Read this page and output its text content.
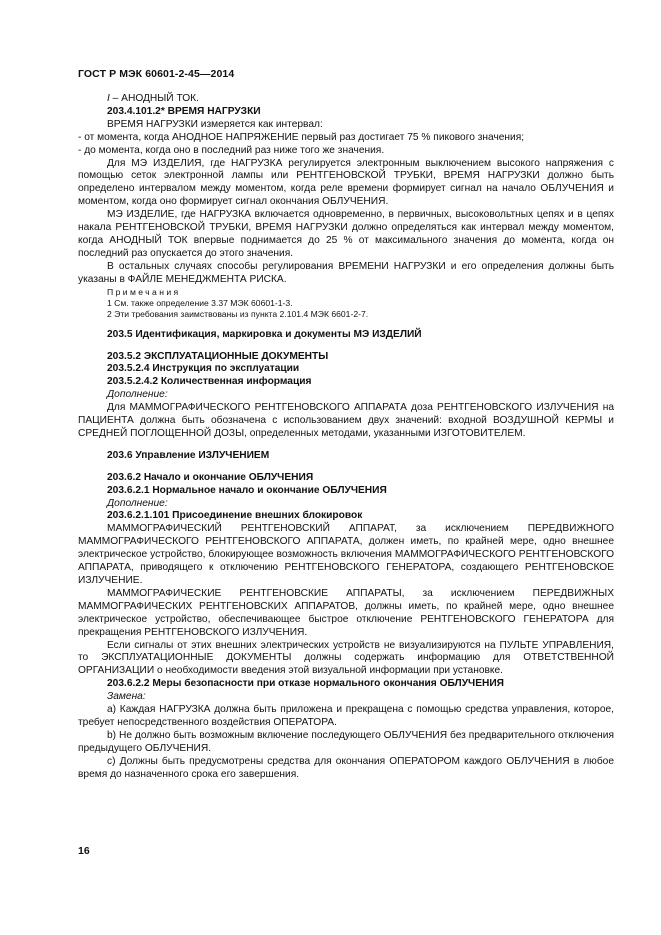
ГОСТ Р МЭК 60601-2-45—2014

I – АНОДНЫЙ ТОК.

203.4.101.2* ВРЕМЯ НАГРУЗКИ

ВРЕМЯ НАГРУЗКИ измеряется как интервал:

- от момента, когда АНОДНОЕ НАПРЯЖЕНИЕ первый раз достигает 75 % пикового значения;

- до момента, когда оно в последний раз ниже того же значения.

Для МЭ ИЗДЕЛИЯ, где НАГРУЗКА регулируется электронным выключением высокого напряжения с помощью сеток электронной лампы или РЕНТГЕНОВСКОЙ ТРУБКИ, ВРЕМЯ НАГРУЗКИ должно быть определено интервалом между моментом, когда реле времени формирует сигнал на начало ОБЛУЧЕНИЯ и моментом, когда оно формирует сигнал окончания ОБЛУЧЕНИЯ.

МЭ ИЗДЕЛИЕ, где НАГРУЗКА включается одновременно, в первичных, высоковольтных цепях и в цепях накала РЕНТГЕНОВСКОЙ ТРУБКИ, ВРЕМЯ НАГРУЗКИ должно определяться как интервал между моментом, когда АНОДНЫЙ ТОК впервые поднимается до 25 % от максимального значения до момента, когда он последний раз опускается до этого значения.

В остальных случаях способы регулирования ВРЕМЕНИ НАГРУЗКИ и его определения должны быть указаны в ФАЙЛЕ МЕНЕДЖМЕНТА РИСКА.

Примечания

1 См. также определение 3.37 МЭК 60601-1-3.

2 Эти требования заимствованы из пункта 2.101.4 МЭК 6601-2-7.

203.5 Идентификация, маркировка и документы МЭ ИЗДЕЛИЙ

203.5.2 ЭКСПЛУАТАЦИОННЫЕ ДОКУМЕНТЫ

203.5.2.4 Инструкция по эксплуатации

203.5.2.4.2 Количественная информация

Дополнение:

Для МАММОГРАФИЧЕСКОГО РЕНТГЕНОВСКОГО АППАРАТА доза РЕНТГЕНОВСКОГО ИЗЛУЧЕНИЯ на ПАЦИЕНТА должна быть обозначена с использованием двух значений: входной ВОЗДУШНОЙ КЕРМЫ и СРЕДНЕЙ ПОГЛОЩЕННОЙ ДОЗЫ, определенных методами, указанными ИЗГОТОВИТЕЛЕМ.

203.6 Управление ИЗЛУЧЕНИЕМ

203.6.2 Начало и окончание ОБЛУЧЕНИЯ

203.6.2.1 Нормальное начало и окончание ОБЛУЧЕНИЯ

Дополнение:

203.6.2.1.101 Присоединение внешних блокировок

МАММОГРАФИЧЕСКИЙ РЕНТГЕНОВСКИЙ АППАРАТ, за исключением ПЕРЕДВИЖНОГО МАММОГРАФИЧЕСКОГО РЕНТГЕНОВСКОГО АППАРАТА, должен иметь, по крайней мере, одно внешнее электрическое устройство, блокирующее возможность включения МАММОГРАФИЧЕСКОГО РЕНТГЕНОВСКОГО АППАРАТА, приводящего к отключению РЕНТГЕНОВСКОГО ГЕНЕРАТОРА, создающего РЕНТГЕНОВСКОЕ ИЗЛУЧЕНИЕ.

МАММОГРАФИЧЕСКИЕ РЕНТГЕНОВСКИЕ АППАРАТЫ, за исключением ПЕРЕДВИЖНЫХ МАММОГРАФИЧЕСКИХ РЕНТГЕНОВСКИХ АППАРАТОВ, должны иметь, по крайней мере, одно внешнее электрическое устройство, обеспечивающее быстрое отключение РЕНТГЕНОВСКОГО ГЕНЕРАТОРА для прекращения РЕНТГЕНОВСКОГО ИЗЛУЧЕНИЯ.

Если сигналы от этих внешних электрических устройств не визуализируются на ПУЛЬТЕ УПРАВЛЕНИЯ, то ЭКСПЛУАТАЦИОННЫЕ ДОКУМЕНТЫ должны содержать информацию для ОТВЕТСТВЕННОЙ ОРГАНИЗАЦИИ о необходимости введения этой визуальной информации при установке.

203.6.2.2 Меры безопасности при отказе нормального окончания ОБЛУЧЕНИЯ

Замена:

а) Каждая НАГРУЗКА должна быть приложена и прекращена с помощью средства управления, которое, требует непосредственного воздействия ОПЕРАТОРА.

b) Не должно быть возможным включение последующего ОБЛУЧЕНИЯ без предварительного отключения предыдущего ОБЛУЧЕНИЯ.

с) Должны быть предусмотрены средства для окончания ОПЕРАТОРОМ каждого ОБЛУЧЕНИЯ в любое время до назначенного срока его завершения.

16
